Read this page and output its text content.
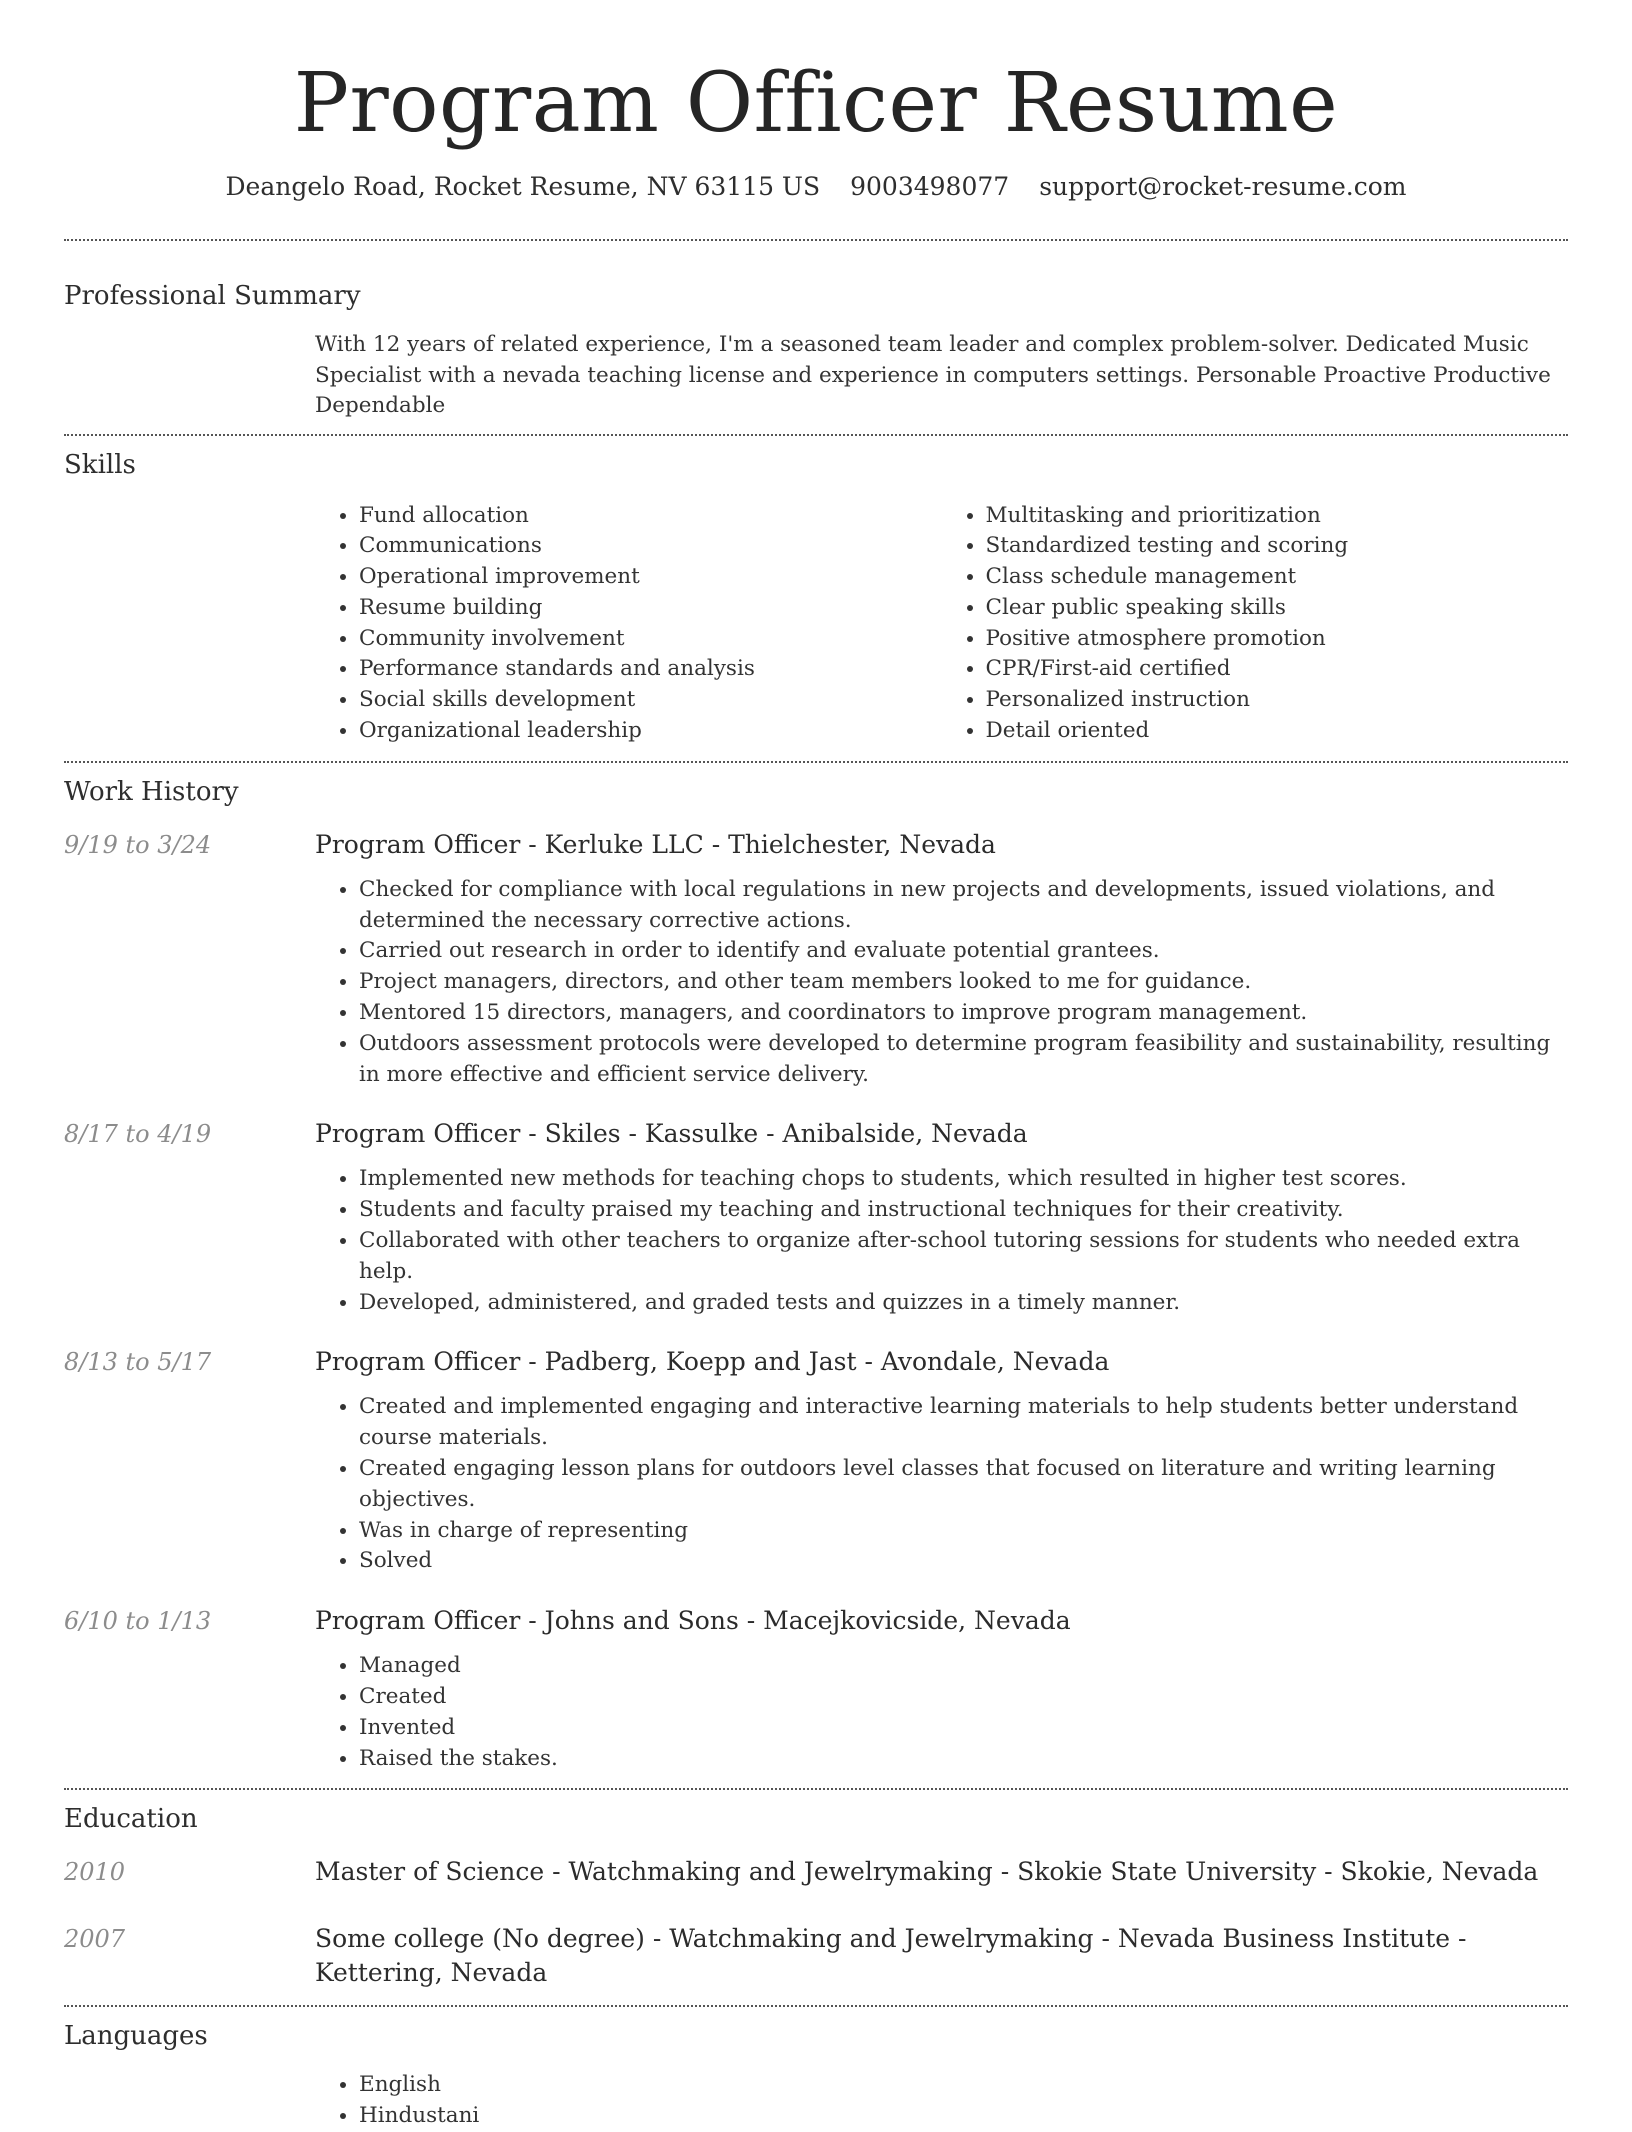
Program Officer Resume
Deangelo Road, Rocket Resume, NV 63115 US 9003498077 support@rocket-resume.com
Professional Summary
With 12 years of related experience, I'm a seasoned team leader and complex problem-solver. Dedicated Music Specialist with a nevada teaching license and experience in computers settings. Personable Proactive Productive Dependable
Skills
• Fund allocation
• Communications
• Operational improvement
• Resume building
• Community involvement
• Performance standards and analysis
• Social skills development
• Organizational leadership
• Multitasking and prioritization
• Standardized testing and scoring
• Class schedule management
• Clear public speaking skills
• Positive atmosphere promotion
• CPR/First-aid certified
• Personalized instruction
• Detail oriented
Work History
9/19 to 3/24	Program Officer - Kerluke LLC - Thielchester, Nevada
• Checked for compliance with local regulations in new projects and developments, issued violations, and determined the necessary corrective actions.
• Carried out research in order to identify and evaluate potential grantees.
• Project managers, directors, and other team members looked to me for guidance.
• Mentored 15 directors, managers, and coordinators to improve program management.
• Outdoors assessment protocols were developed to determine program feasibility and sustainability, resulting in more effective and efficient service delivery.
8/17 to 4/19	Program Officer - Skiles - Kassulke - Anibalside, Nevada
• Implemented new methods for teaching chops to students, which resulted in higher test scores.
• Students and faculty praised my teaching and instructional techniques for their creativity.
• Collaborated with other teachers to organize after-school tutoring sessions for students who needed extra help.
• Developed, administered, and graded tests and quizzes in a timely manner.
8/13 to 5/17	Program Officer - Padberg, Koepp and Jast - Avondale, Nevada
• Created and implemented engaging and interactive learning materials to help students better understand course materials.
• Created engaging lesson plans for outdoors level classes that focused on literature and writing learning objectives.
• Was in charge of representing
• Solved
6/10 to 1/13	Program Officer - Johns and Sons - Macejkovicside, Nevada
• Managed
• Created
• Invented
• Raised the stakes.
Education
2010	Master of Science - Watchmaking and Jewelrymaking - Skokie State University - Skokie, Nevada
2007	Some college (No degree) - Watchmaking and Jewelrymaking - Nevada Business Institute - Kettering, Nevada
Languages
• English
• Hindustani
